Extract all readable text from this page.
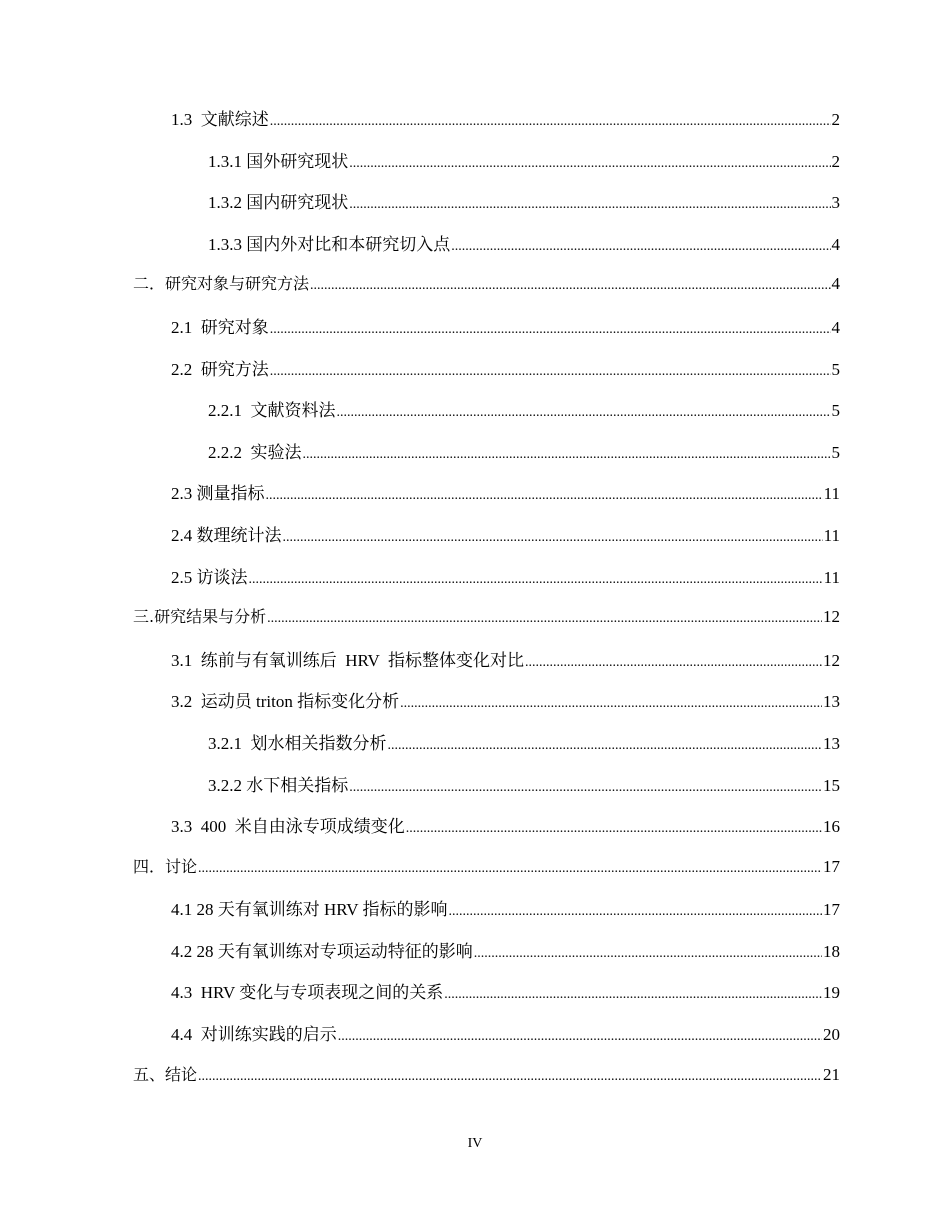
1.3  文献综述 .....	2
1.3.1 国外研究现状 .....	2
1.3.2 国内研究现状 .....	3
1.3.3 国内外对比和本研究切入点 .....	4
二．研究对象与研究方法 .....	4
2.1  研究对象 .....	4
2.2  研究方法 .....	5
2.2.1  文献资料法 .....	5
2.2.2  实验法 .....	5
2.3 测量指标 .....	11
2.4 数理统计法 .....	11
2.5 访谈法 .....	11
三.研究结果与分析 .....	12
3.1  练前与有氧训练后  HRV  指标整体变化对比 .....	12
3.2  运动员 triton 指标变化分析 .....	13
3.2.1  划水相关指数分析 .....	13
3.2.2 水下相关指标 .....	15
3.3  400  米自由泳专项成绩变化 .....	16
四．讨论 .....	17
4.1 28 天有氧训练对 HRV 指标的影响 .....	17
4.2 28 天有氧训练对专项运动特征的影响 .....	18
4.3  HRV 变化与专项表现之间的关系 .....	19
4.4  对训练实践的启示 .....	20
五、结论 .....	21
IV
